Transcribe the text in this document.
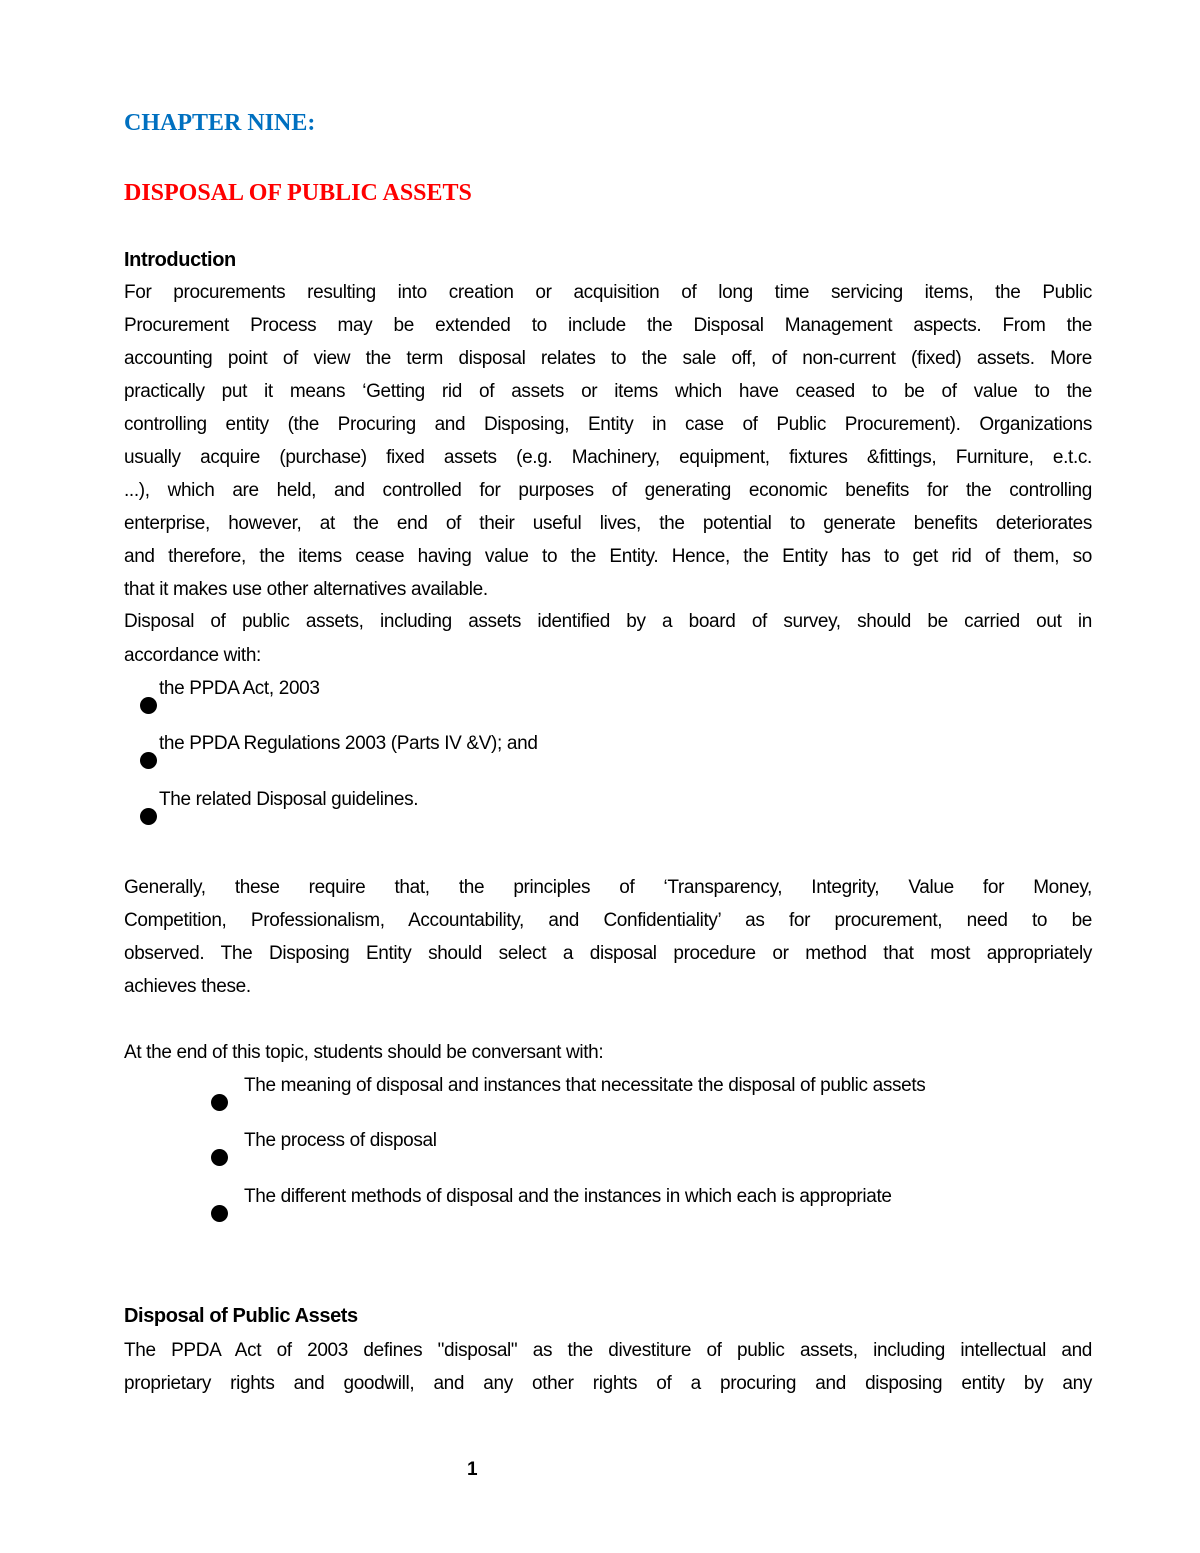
CHAPTER NINE:
DISPOSAL OF PUBLIC ASSETS
Introduction
For procurements resulting into creation or acquisition of long time servicing items, the Public
Procurement Process may be extended to include the Disposal Management aspects. From the
accounting point of view the term disposal relates to the sale off, of non-current (fixed) assets. More
practically put it means ‘Getting rid of assets or items which have ceased to be of value to the
controlling entity (the Procuring and Disposing, Entity in case of Public Procurement). Organizations
usually acquire (purchase) fixed assets (e.g. Machinery, equipment, fixtures &fittings, Furniture, e.t.c.
...), which are held, and controlled for purposes of generating economic benefits for the controlling
enterprise, however, at the end of their useful lives, the potential to generate benefits deteriorates
and therefore, the items cease having value to the Entity. Hence, the Entity has to get rid of them, so
that it makes use other alternatives available.
Disposal of public assets, including assets identified by a board of survey, should be carried out in
accordance with:
Generally, these require that, the principles of ‘Transparency, Integrity, Value for Money,
Competition, Professionalism, Accountability, and Confidentiality’ as for procurement, need to be
observed. The Disposing Entity should select a disposal procedure or method that most appropriately
achieves these.
The PPDA Act of 2003 defines "disposal" as the divestiture of public assets, including intellectual and
proprietary rights and goodwill, and any other rights of a procuring and disposing entity by any
At the end of this topic, students should be conversant with:
the PPDA Act, 2003
the PPDA Regulations 2003 (Parts IV &V); and
The related Disposal guidelines.
The meaning of disposal and instances that necessitate the disposal of public assets
The process of disposal
The different methods of disposal and the instances in which each is appropriate
Disposal of Public Assets
1
